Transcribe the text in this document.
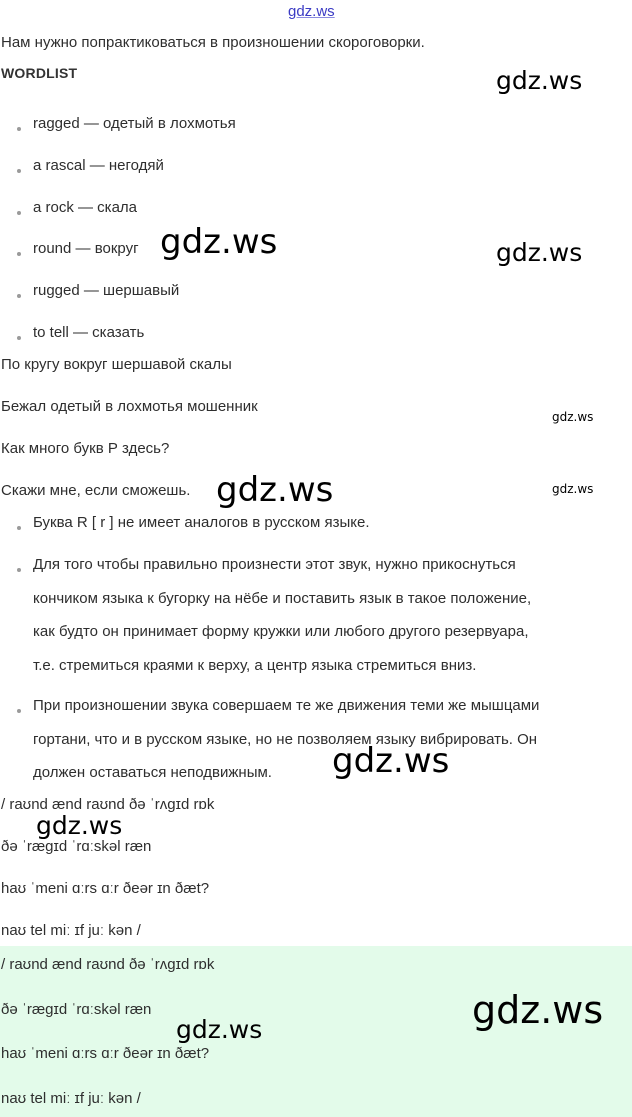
gdz.ws
Нам нужно попрактиковаться в произношении скороговорки.
WORDLIST
ragged — одетый в лохмотья
a rascal — негодяй
a rock — скала
round — вокруг
rugged — шершавый
to tell — сказать
По кругу вокруг шершавой скалы
Бежал одетый в лохмотья мошенник
Как много букв Р здесь?
Скажи мне, если сможешь.
Буква R [ r ] не имеет аналогов в русском языке.
Для того чтобы правильно произнести этот звук, нужно прикоснуться
кончиком языка к бугорку на нёбе и поставить язык в такое положение,
как будто он принимает форму кружки или любого другого резервуара,
т.е. стремиться краями к верху, а центр языка стремиться вниз.
При произношении звука совершаем те же движения теми же мышцами
гортани, что и в русском языке, но не позволяем языку вибрировать. Он
должен оставаться неподвижным.
/ raʊnd ænd raʊnd ðə ˈrʌgɪd rɒk
ðə ˈrægɪd ˈrɑːskəl ræn
haʊ ˈmeni ɑːrs ɑːr ðeər ɪn ðæt?
naʊ tel miː ɪf juː kən /
/ raʊnd ænd raʊnd ðə ˈrʌgɪd rɒk
ðə ˈrægɪd ˈrɑːskəl ræn
haʊ ˈmeni ɑːrs ɑːr ðeər ɪn ðæt?
naʊ tel miː ɪf juː kən /
gdz.ws
gdz.ws	gdz.ws
gdz.ws
gdz.ws	gdz.ws
gdz.ws
gdz.ws
gdz.ws
gdz.ws
